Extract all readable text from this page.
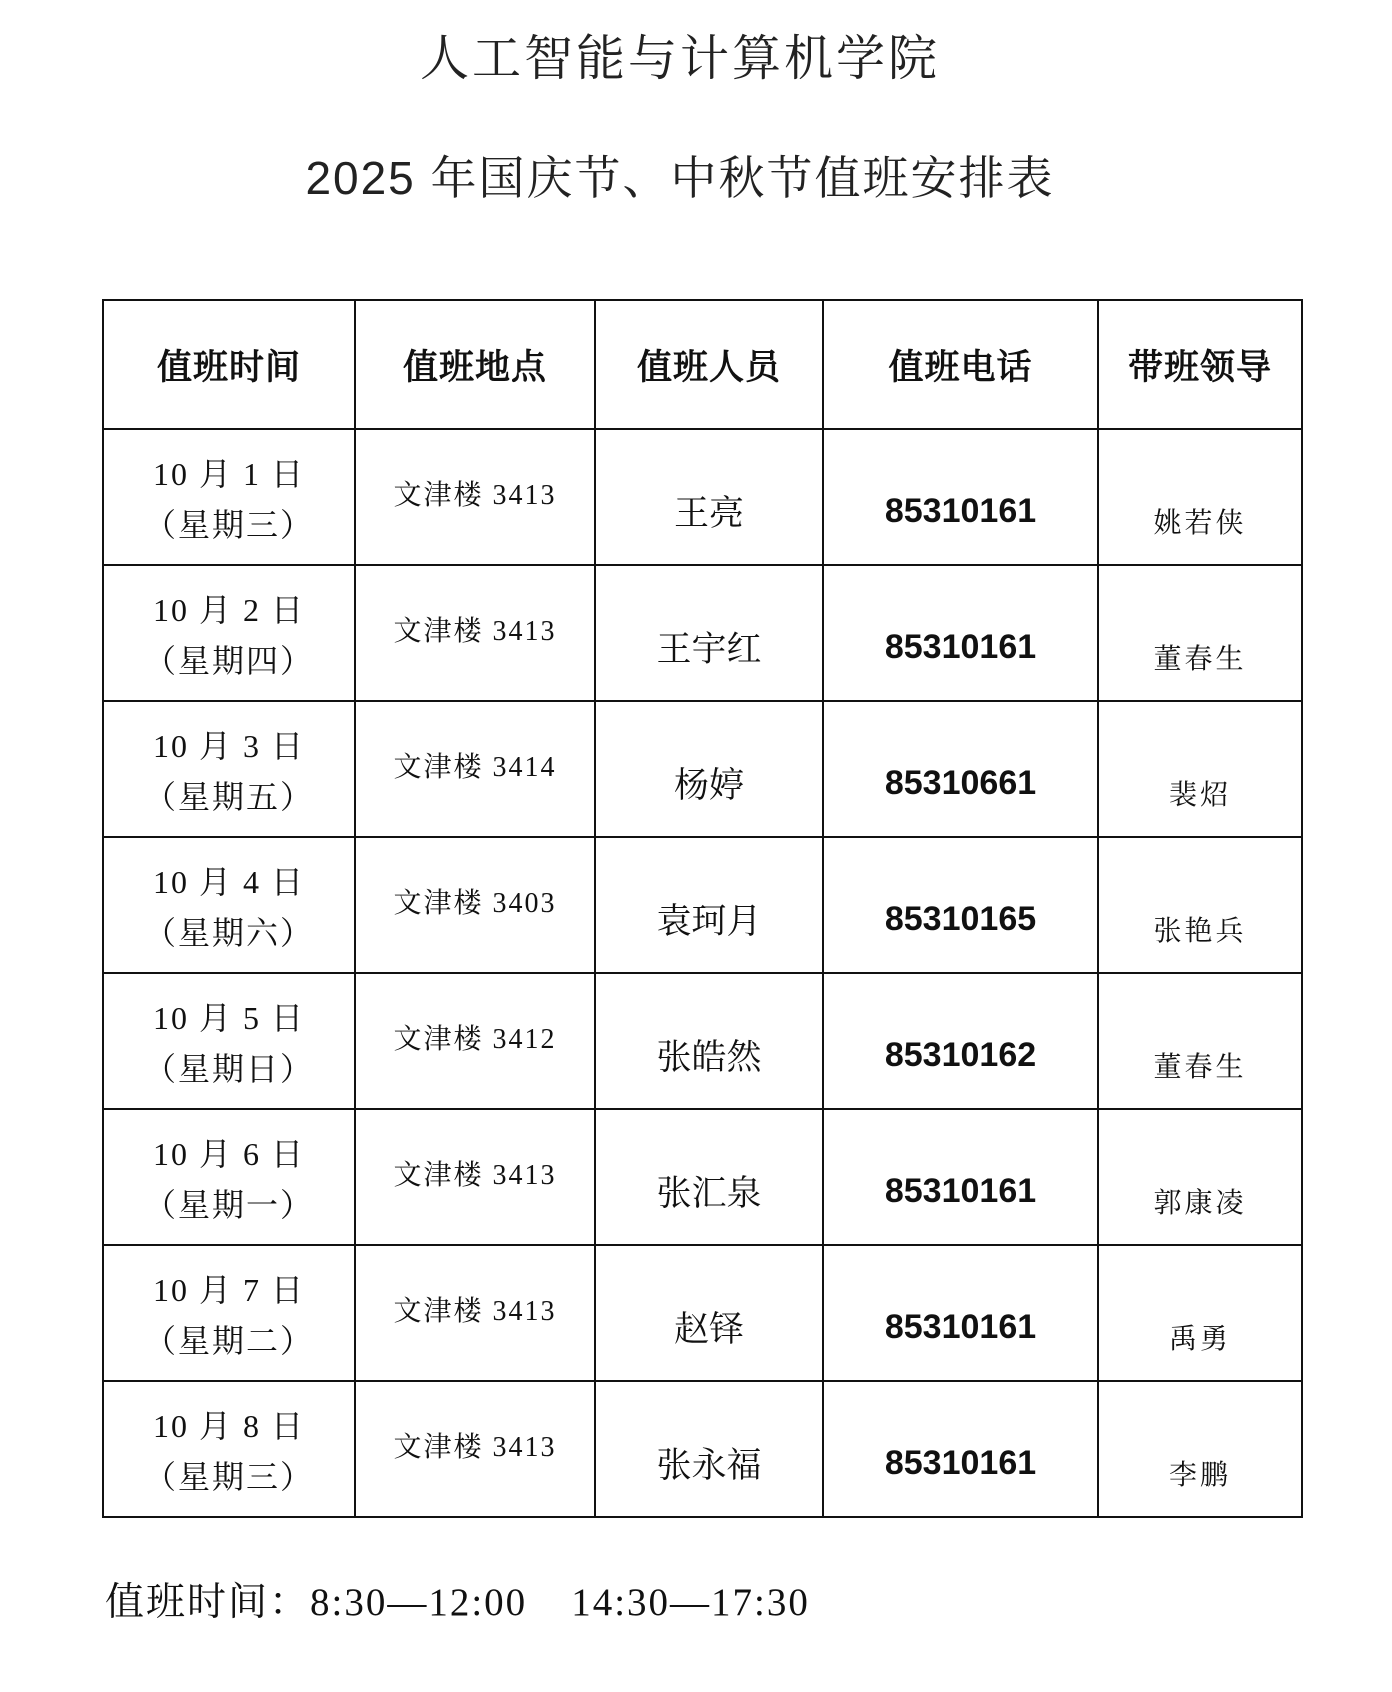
人工智能与计算机学院
2025 年国庆节、中秋节值班安排表
值班时间	值班地点	值班人员	值班电话	带班领导

10 月 1 日
（星期三）	文津楼 3413	王亮	85310161	姚若侠

10 月 2 日
（星期四）	文津楼 3413	王宇红	85310161	董春生

10 月 3 日
（星期五）	文津楼 3414	杨婷	85310661	裴炤

10 月 4 日
（星期六）	文津楼 3403	袁珂月	85310165	张艳兵

10 月 5 日
（星期日）	文津楼 3412	张皓然	85310162	董春生

10 月 6 日
（星期一）	文津楼 3413	张汇泉	85310161	郭康凌

10 月 7 日
（星期二）	文津楼 3413	赵铎	85310161	禹勇

10 月 8 日
（星期三）	文津楼 3413	张永福	85310161	李鹏
值班时间：8:30—12:00 14:30—17:30
